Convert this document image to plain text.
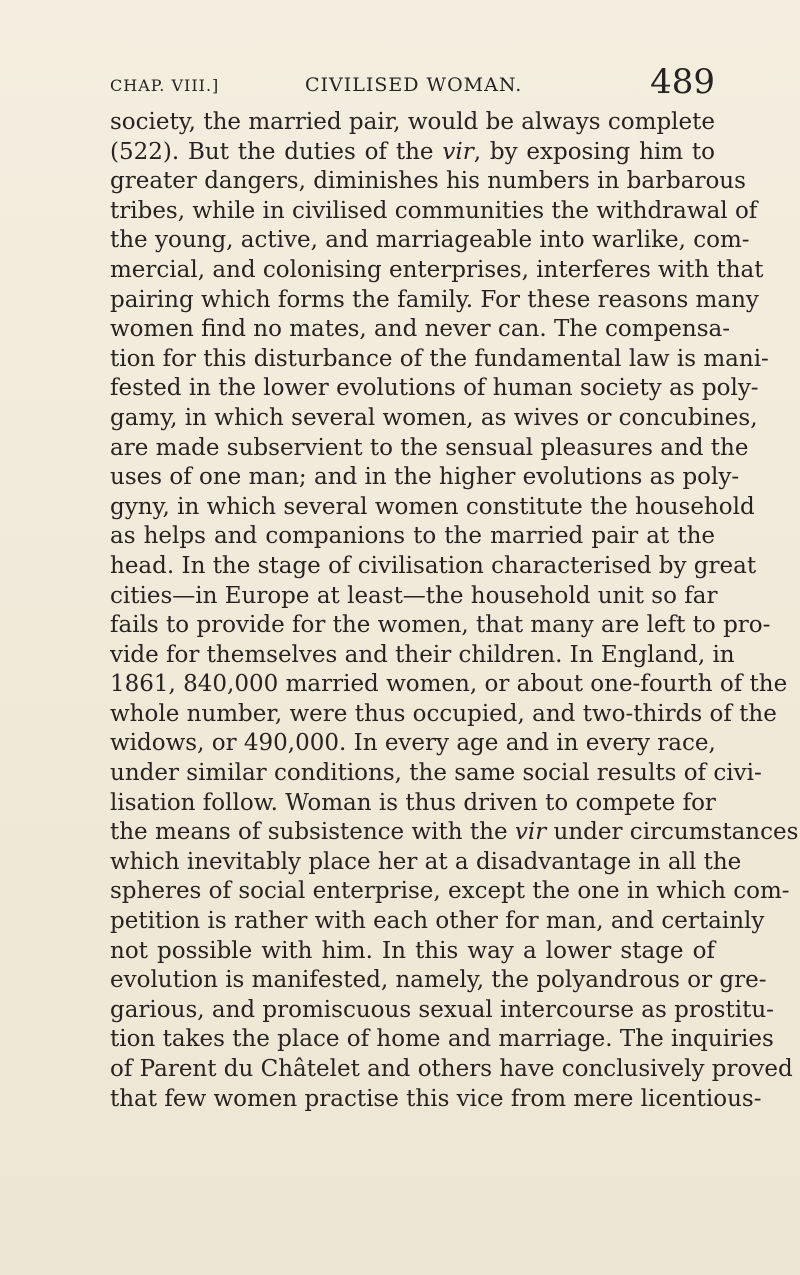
CHAP. VIII.]	CIVILISED WOMAN.	489
society, the married pair, would be always complete
(522). But the duties of the vir, by exposing him to
greater dangers, diminishes his numbers in barbarous
tribes, while in civilised communities the withdrawal of
the young, active, and marriageable into warlike, com-
mercial, and colonising enterprises, interferes with that
pairing which forms the family. For these reasons many
women find no mates, and never can. The compensa-
tion for this disturbance of the fundamental law is mani-
fested in the lower evolutions of human society as poly-
gamy, in which several women, as wives or concubines,
are made subservient to the sensual pleasures and the
uses of one man; and in the higher evolutions as poly-
gyny, in which several women constitute the household
as helps and companions to the married pair at the
head. In the stage of civilisation characterised by great
cities—in Europe at least—the household unit so far
fails to provide for the women, that many are left to pro-
vide for themselves and their children. In England, in
1861, 840,000 married women, or about one-fourth of the
whole number, were thus occupied, and two-thirds of the
widows, or 490,000. In every age and in every race,
under similar conditions, the same social results of civi-
lisation follow. Woman is thus driven to compete for
the means of subsistence with the vir under circumstances
which inevitably place her at a disadvantage in all the
spheres of social enterprise, except the one in which com-
petition is rather with each other for man, and certainly
not possible with him. In this way a lower stage of
evolution is manifested, namely, the polyandrous or gre-
garious, and promiscuous sexual intercourse as prostitu-
tion takes the place of home and marriage. The inquiries
of Parent du Châtelet and others have conclusively proved
that few women practise this vice from mere licentious-
